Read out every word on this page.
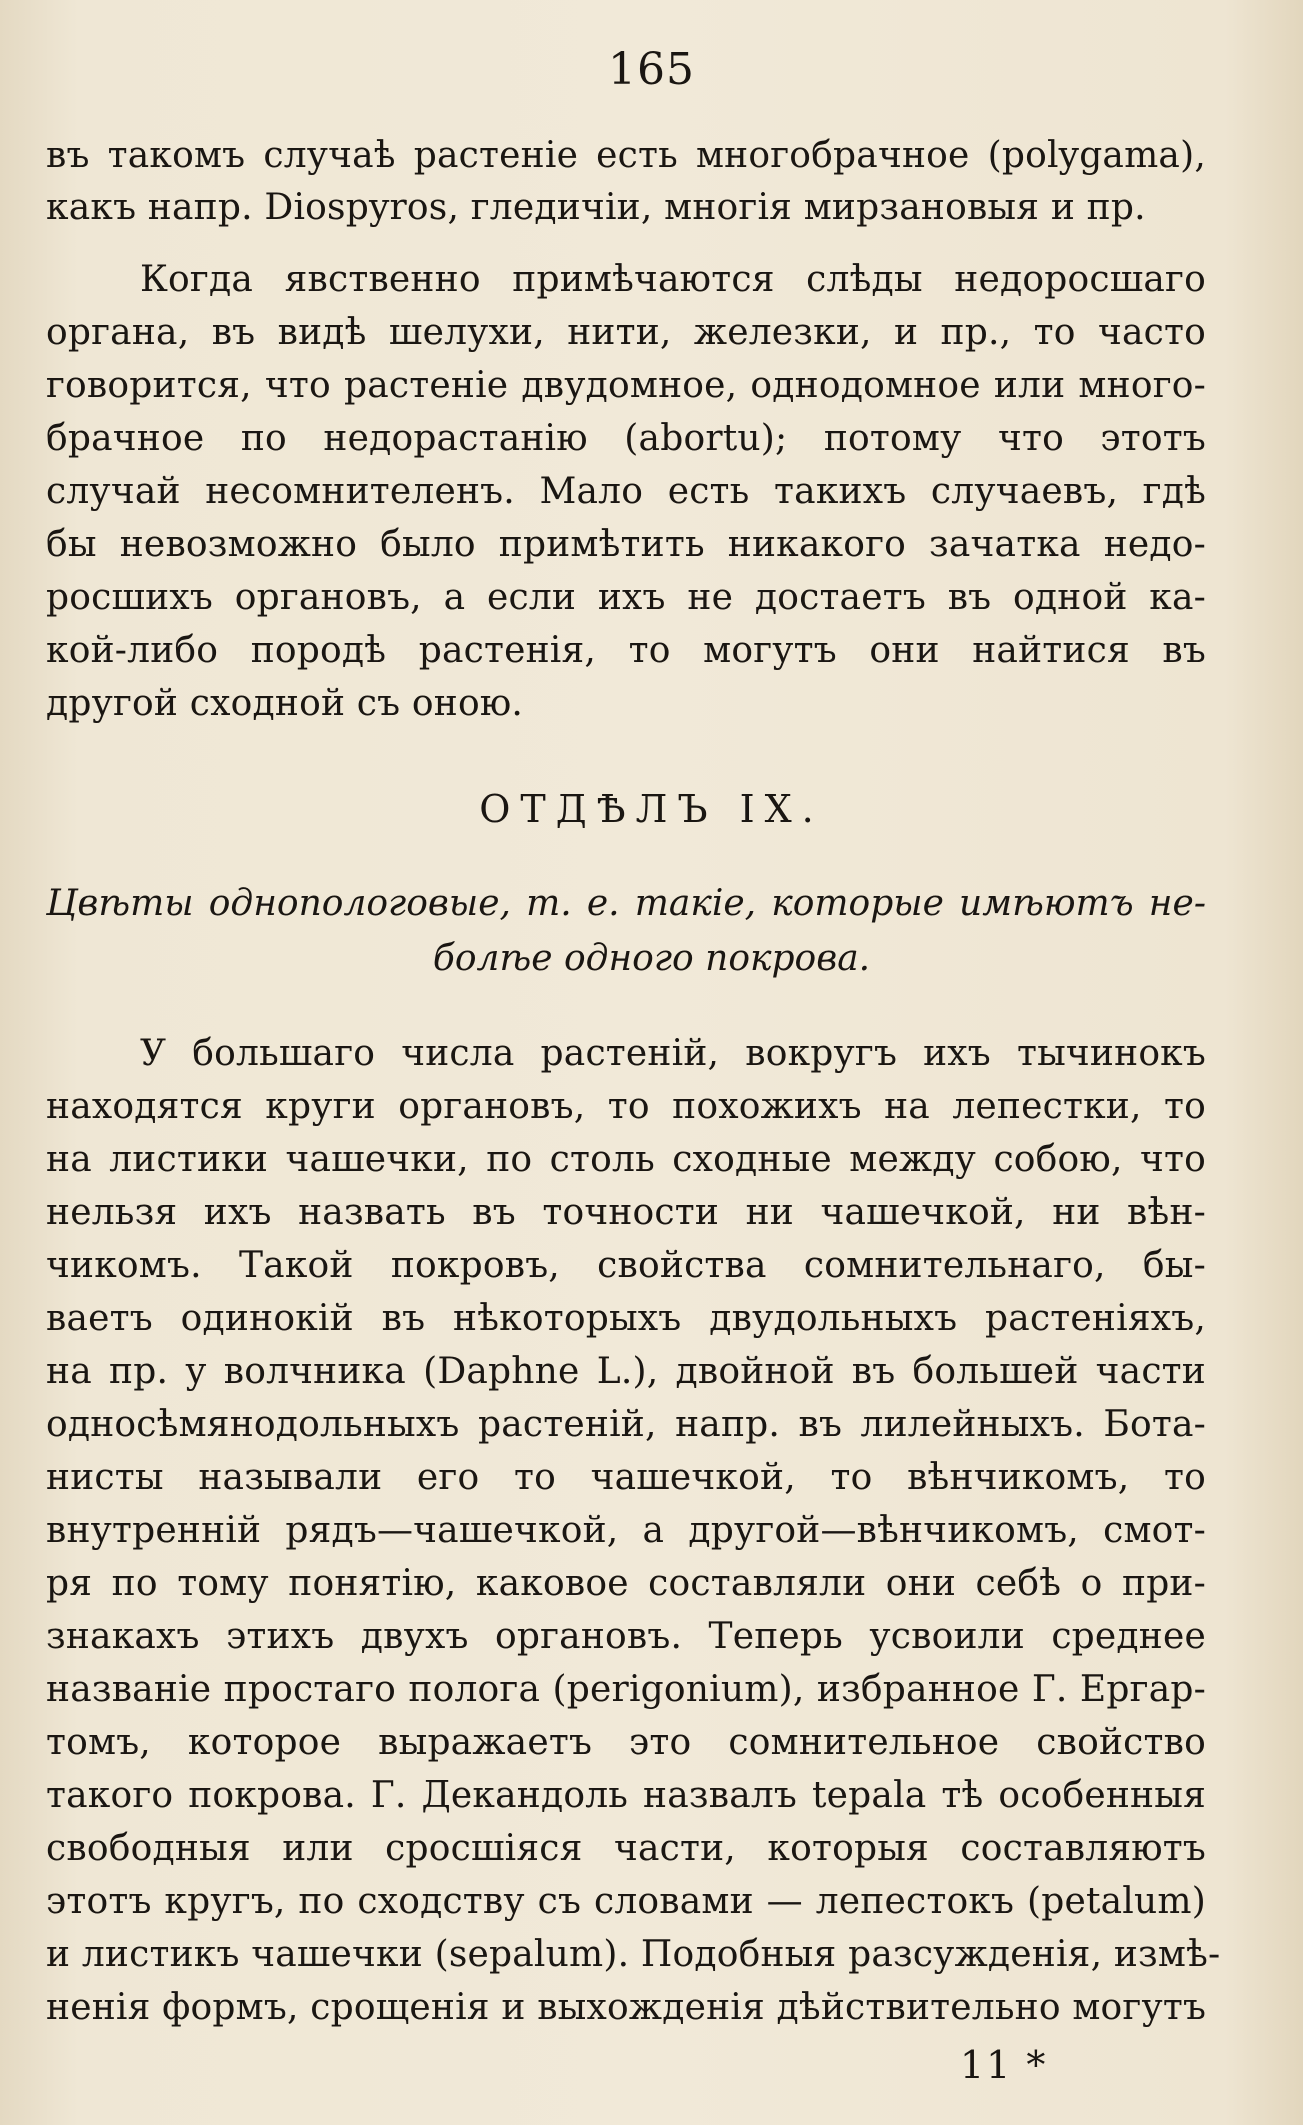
165

въ такомъ случаѣ растеніе есть многобрачное (polygama),

какъ напр. Diospyros, гледичіи, многія мирзановыя и пр.

Когда явственно примѣчаются слѣды недоросшаго

органа, въ видѣ шелухи, нити, железки, и пр., то часто

говорится, что растеніе двудомное, однодомное или много-

брачное по недорастанію (abortu); потому что этотъ

случай несомнителенъ. Мало есть такихъ случаевъ, гдѣ

бы невозможно было примѣтить никакого зачатка недо-

росшихъ органовъ, а если ихъ не достаетъ въ одной ка-

кой-либо породѣ растенія, то могутъ они найтися въ

другой сходной съ оною.

ОТДѢЛЪ IX.

Цвѣты однопологовые, т. е. такіе, которые имѣютъ не-

болѣе одного покрова.

У большаго числа растеній, вокругъ ихъ тычинокъ

находятся круги органовъ, то похожихъ на лепестки, то

на листики чашечки, по столь сходные между собою, что

нельзя ихъ назвать въ точности ни чашечкой, ни вѣн-

чикомъ. Такой покровъ, свойства сомнительнаго, бы-

ваетъ одинокій въ нѣкоторыхъ двудольныхъ растеніяхъ,

на пр. у волчника (Daphne L.), двойной въ большей части

односѣмянодольныхъ растеній, напр. въ лилейныхъ. Бота-

нисты называли его то чашечкой, то вѣнчикомъ, то

внутренній рядъ—чашечкой, а другой—вѣнчикомъ, смот-

ря по тому понятію, каковое составляли они себѣ о при-

знакахъ этихъ двухъ органовъ. Теперь усвоили среднее

названіе простаго полога (perigonium), избранное Г. Ергар-

томъ, которое выражаетъ это сомнительное свойство

такого покрова. Г. Декандоль назвалъ tepala тѣ особенныя

свободныя или сросшіяся части, которыя составляютъ

этотъ кругъ, по сходству съ словами — лепестокъ (petalum)

и листикъ чашечки (sepalum). Подобныя разсужденія, измѣ-

ненія формъ, срощенія и выхожденія дѣйствительно могутъ

11 *
